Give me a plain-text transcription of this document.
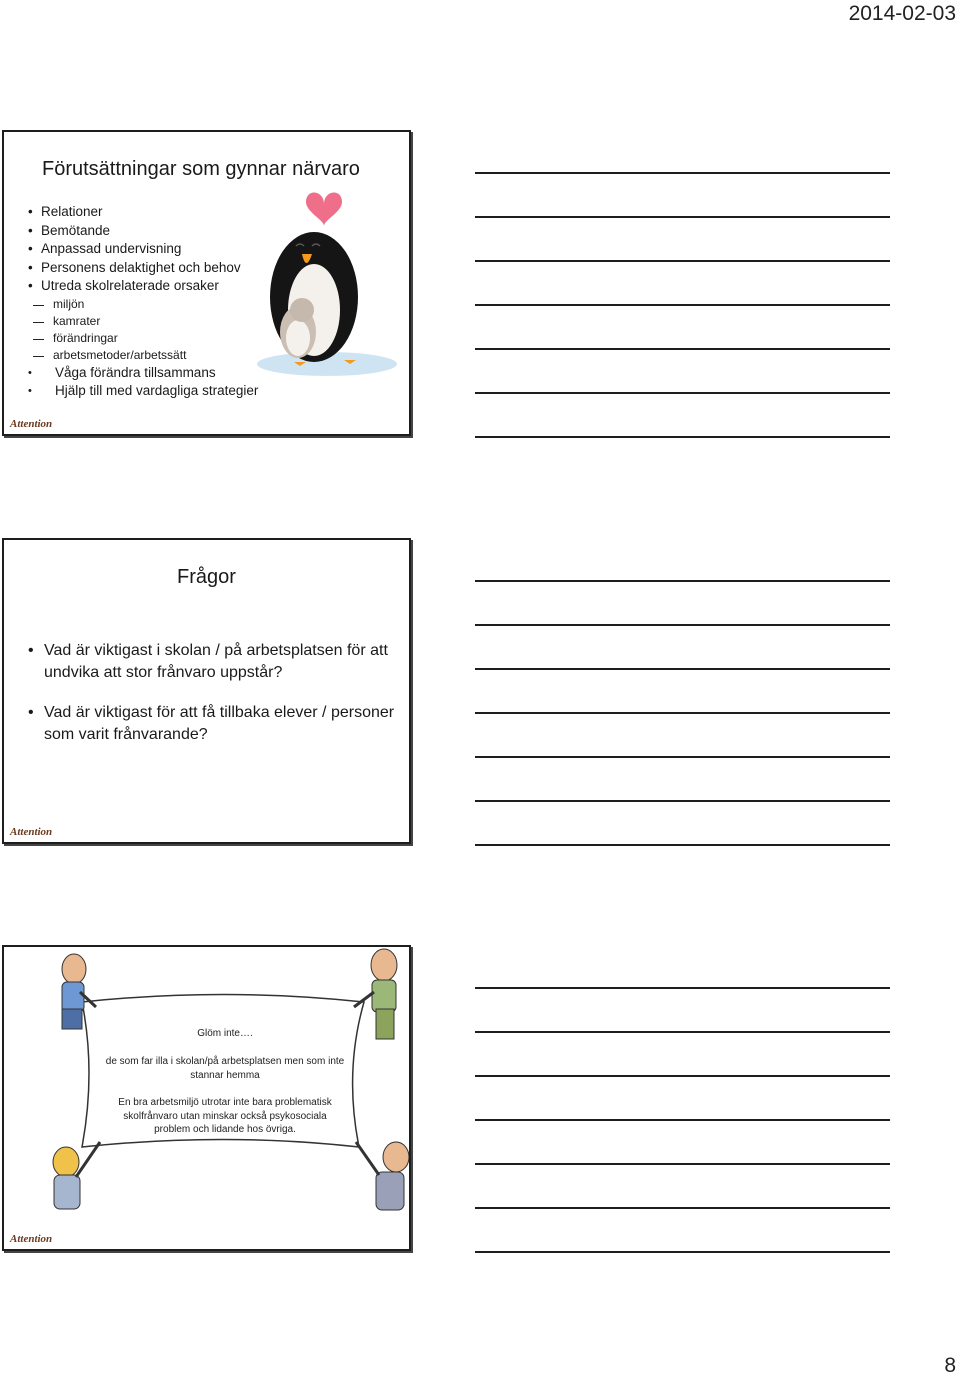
2014-02-03
Förutsättningar som gynnar närvaro
• Relationer
• Bemötande
• Anpassad undervisning
• Personens delaktighet och behov
• Utreda skolrelaterade orsaker
miljön
kamrater
förändringar
arbetsmetoder/arbetssätt
• Våga förändra tillsammans
• Hjälp till med vardagliga strategier
Attention
Frågor
• Vad är viktigast i skolan / på arbetsplatsen för att undvika att stor frånvaro uppstår?
• Vad är viktigast för att få tillbaka elever / personer som varit frånvarande?
Attention
Glöm inte….
de som far illa i skolan/på arbetsplatsen men som inte stannar hemma
En bra arbetsmiljö utrotar inte bara problematisk skolfrånvaro utan minskar också psykosociala problem och lidande hos övriga.
Attention
8
